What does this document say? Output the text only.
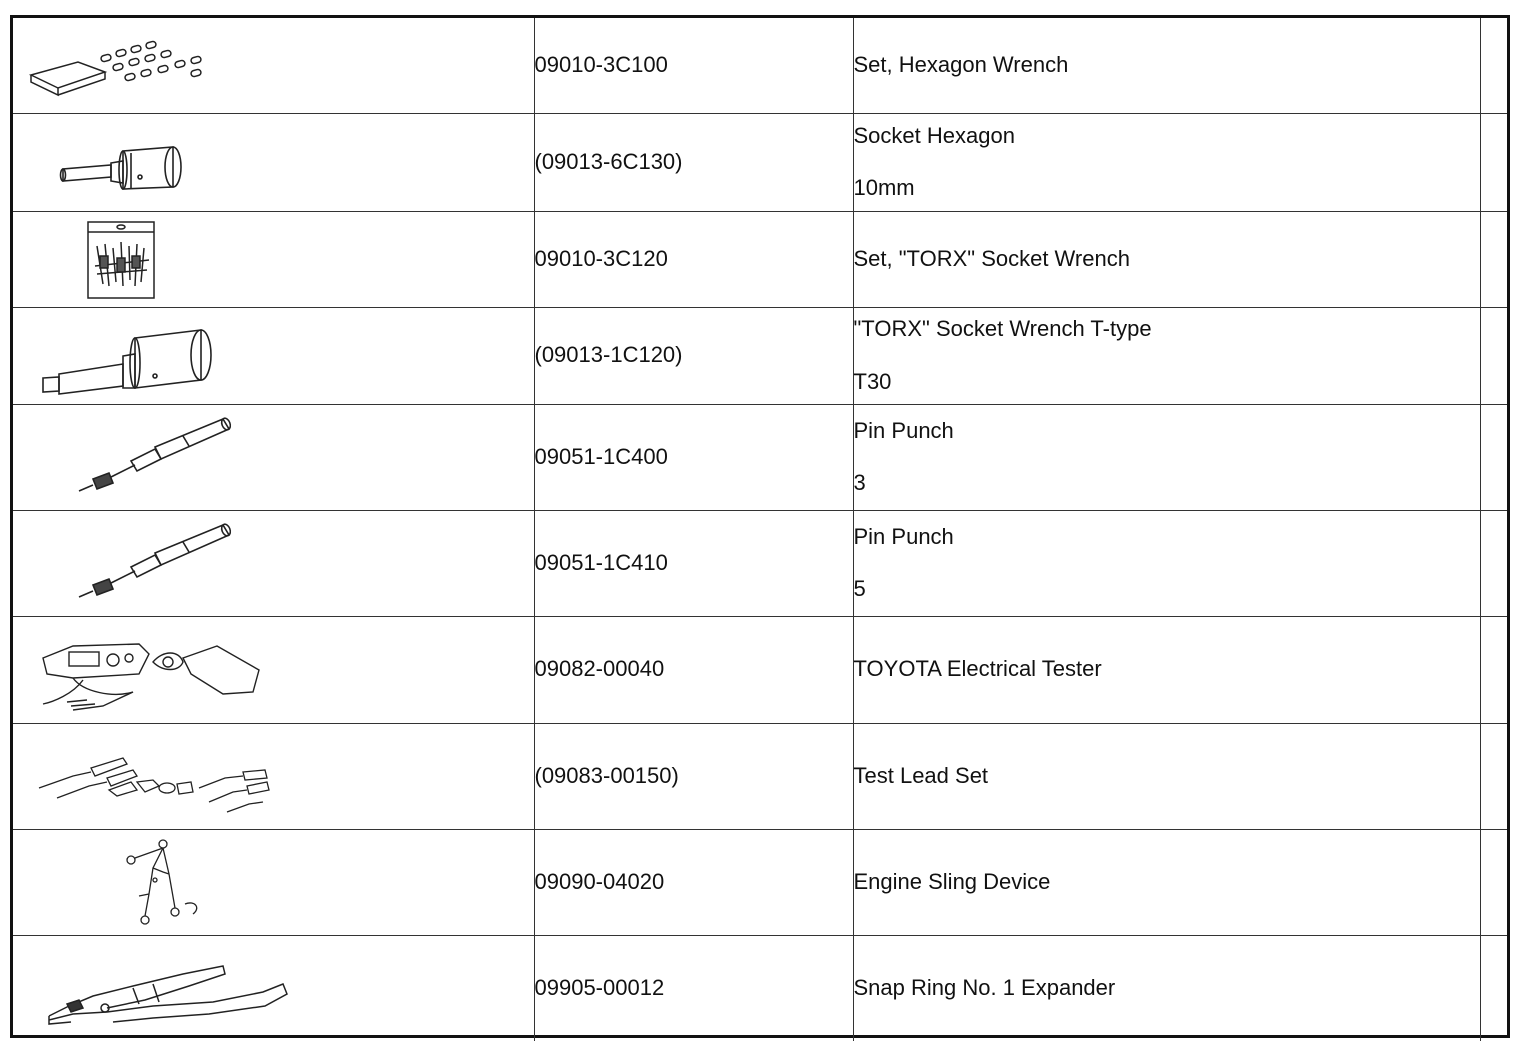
	09010-3C100	Set, Hexagon Wrench	

	(09013-6C130)	Socket Hexagon
10mm	

	09010-3C120	Set, "TORX" Socket Wrench	

	(09013-1C120)	"TORX" Socket Wrench T-type
T30	

	09051-1C400	Pin Punch
3	

	09051-1C410	Pin Punch
5	

	09082-00040	TOYOTA Electrical Tester	

	(09083-00150)	Test Lead Set	

	09090-04020	Engine Sling Device	

	09905-00012	Snap Ring No. 1 Expander	
